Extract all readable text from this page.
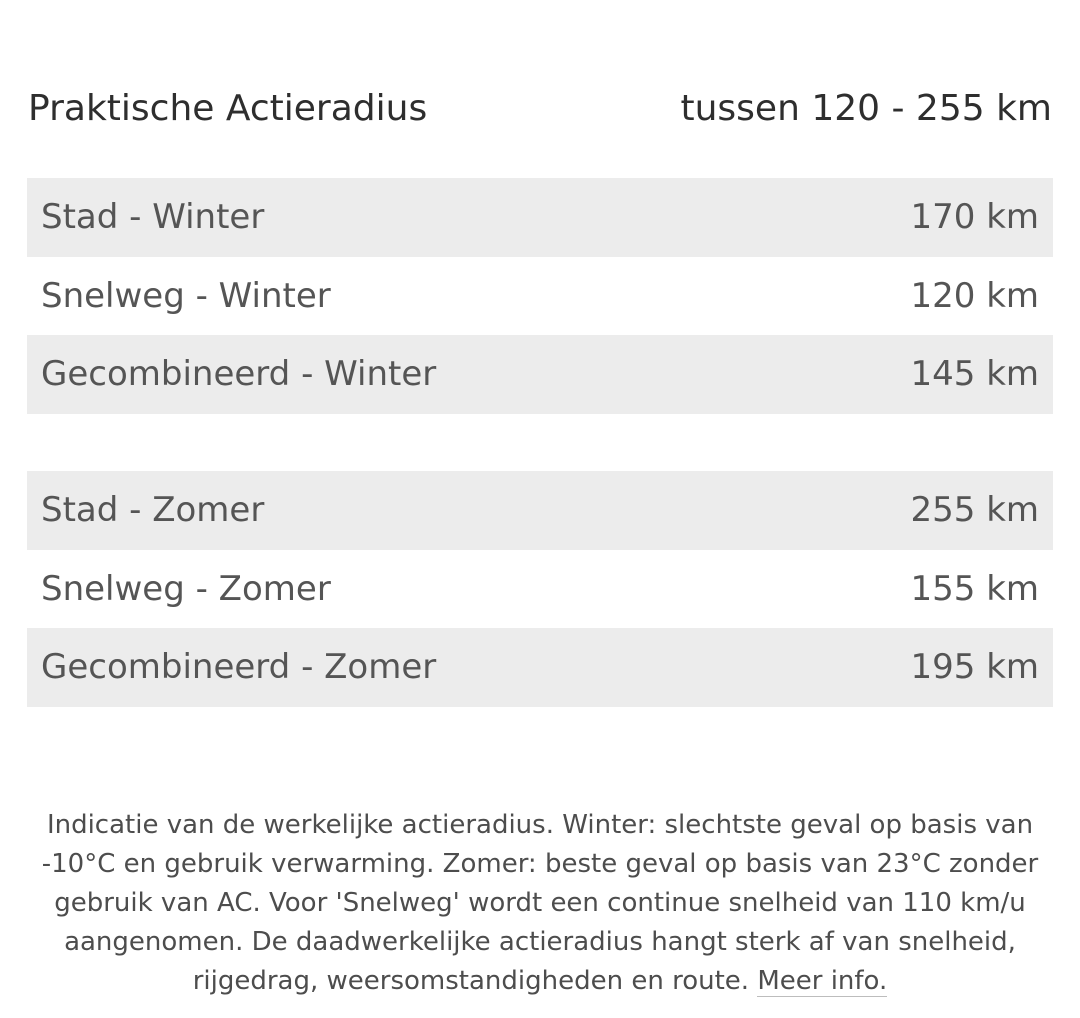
Praktische Actieradius	tussen 120 - 255 km
Stad - Winter	170 km
Snelweg - Winter	120 km
Gecombineerd - Winter	145 km
Stad - Zomer	255 km
Snelweg - Zomer	155 km
Gecombineerd - Zomer	195 km

Indicatie van de werkelijke actieradius. Winter: slechtste geval op basis van -10°C en gebruik verwarming. Zomer: beste geval op basis van 23°C zonder gebruik van AC. Voor 'Snelweg' wordt een continue snelheid van 110 km/u aangenomen. De daadwerkelijke actieradius hangt sterk af van snelheid, rijgedrag, weersomstandigheden en route. Meer info.
